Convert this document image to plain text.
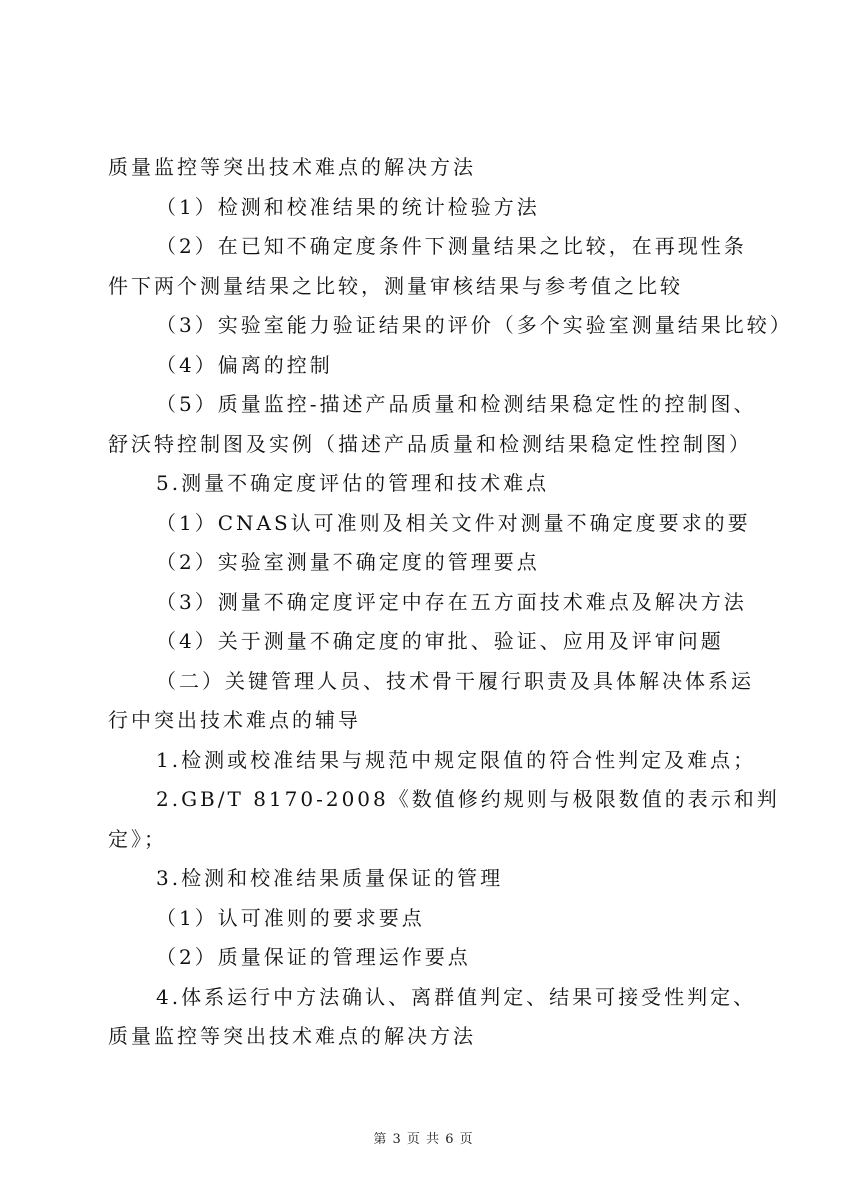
质量监控等突出技术难点的解决方法

（1）检测和校准结果的统计检验方法

（2）在已知不确定度条件下测量结果之比较，在再现性条

件下两个测量结果之比较，测量审核结果与参考值之比较

（3）实验室能力验证结果的评价（多个实验室测量结果比较）

（4）偏离的控制

（5）质量监控-描述产品质量和检测结果稳定性的控制图、

舒沃特控制图及实例（描述产品质量和检测结果稳定性控制图）

5.测量不确定度评估的管理和技术难点

（1）CNAS认可准则及相关文件对测量不确定度要求的要

（2）实验室测量不确定度的管理要点

（3）测量不确定度评定中存在五方面技术难点及解决方法

（4）关于测量不确定度的审批、验证、应用及评审问题

（二）关键管理人员、技术骨干履行职责及具体解决体系运

行中突出技术难点的辅导

1.检测或校准结果与规范中规定限值的符合性判定及难点；

2.GB/T 8170-2008《数值修约规则与极限数值的表示和判

定》；

3.检测和校准结果质量保证的管理

（1）认可准则的要求要点

（2）质量保证的管理运作要点

4.体系运行中方法确认、离群值判定、结果可接受性判定、

质量监控等突出技术难点的解决方法

第 3 页 共 6 页
